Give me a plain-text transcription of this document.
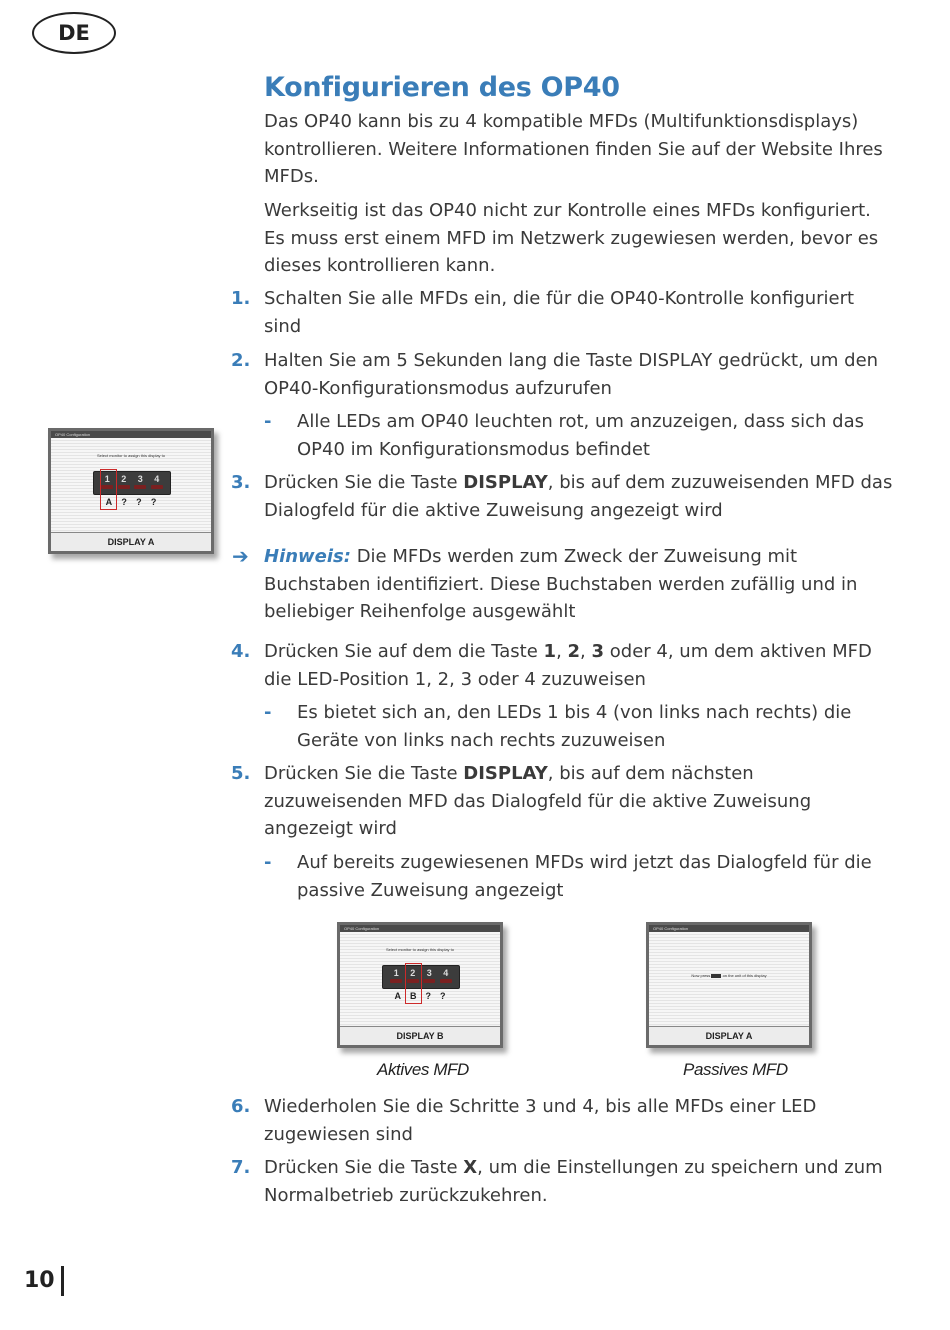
DE
Konfigurieren des OP40
Das OP40 kann bis zu 4 kompatible MFDs (Multifunktionsdisplays) kontrollieren. Weitere Informationen finden Sie auf der Website Ihres MFDs.
Werkseitig ist das OP40 nicht zur Kontrolle eines MFDs konfiguriert. Es muss erst einem MFD im Netzwerk zugewiesen werden, bevor es dieses kontrollieren kann.
1. Schalten Sie alle MFDs ein, die für die OP40-Kontrolle konfiguriert sind
2. Halten Sie am 5 Sekunden lang die Taste DISPLAY gedrückt, um den OP40-Konfigurationsmodus aufzurufen
- Alle LEDs am OP40 leuchten rot, um anzuzeigen, dass sich das OP40 im Konfigurationsmodus befindet
3. Drücken Sie die Taste DISPLAY, bis auf dem zuzuweisenden MFD das Dialogfeld für die aktive Zuweisung angezeigt wird
➔ Hinweis: Die MFDs werden zum Zweck der Zuweisung mit Buchstaben identifiziert. Diese Buchstaben werden zufällig und in beliebiger Reihenfolge ausgewählt
4. Drücken Sie auf dem die Taste 1, 2, 3 oder 4, um dem aktiven MFD die LED-Position 1, 2, 3 oder 4 zuzuweisen
- Es bietet sich an, den LEDs 1 bis 4 (von links nach rechts) die Geräte von links nach rechts zuzuweisen
5. Drücken Sie die Taste DISPLAY, bis auf dem nächsten zuzuweisenden MFD das Dialogfeld für die aktive Zuweisung angezeigt wird
- Auf bereits zugewiesenen MFDs wird jetzt das Dialogfeld für die passive Zuweisung angezeigt
OP40 Configuration
Select monitor to assign this display to
1 2 3 4
A ? ? ?
DISPLAY A
OP40 Configuration
Select monitor to assign this display to
1 2 3 4
A B ? ?
DISPLAY B
OP40 Configuration
Now press	on the unit of this display
DISPLAY A
Aktives MFD	Passives MFD
6. Wiederholen Sie die Schritte 3 und 4, bis alle MFDs einer LED zugewiesen sind
7. Drücken Sie die Taste X, um die Einstellungen zu speichern und zum Normalbetrieb zurückzukehren.
10
